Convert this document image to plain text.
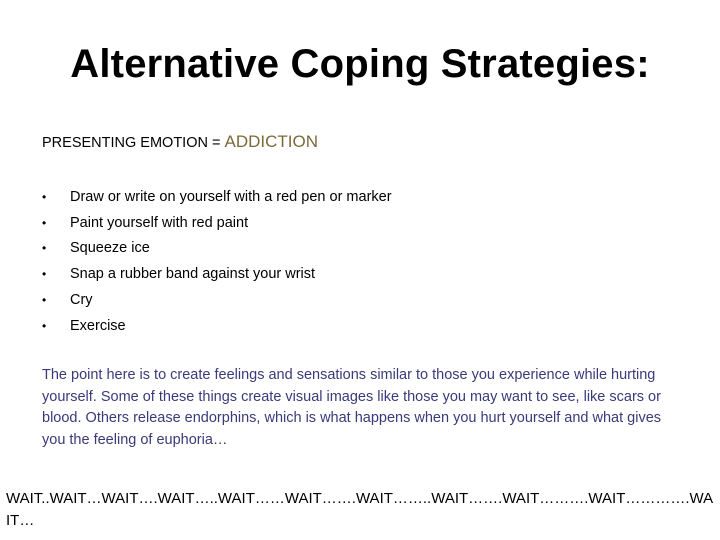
Alternative Coping Strategies:
PRESENTING EMOTION = ADDICTION
•	Draw or write on yourself with a red pen or marker
•	Paint yourself with red paint
•	Squeeze ice
•	Snap a rubber band against your wrist
•	Cry
•	Exercise
The point here is to create feelings and sensations similar to those you experience while hurting yourself. Some of these things create visual images like those you may want to see, like scars or blood. Others release endorphins, which is what happens when you hurt yourself and what gives you the feeling of euphoria…
WAIT..WAIT…WAIT….WAIT…..WAIT……WAIT…….WAIT……..WAIT…….WAIT……….WAIT………….WAIT…
